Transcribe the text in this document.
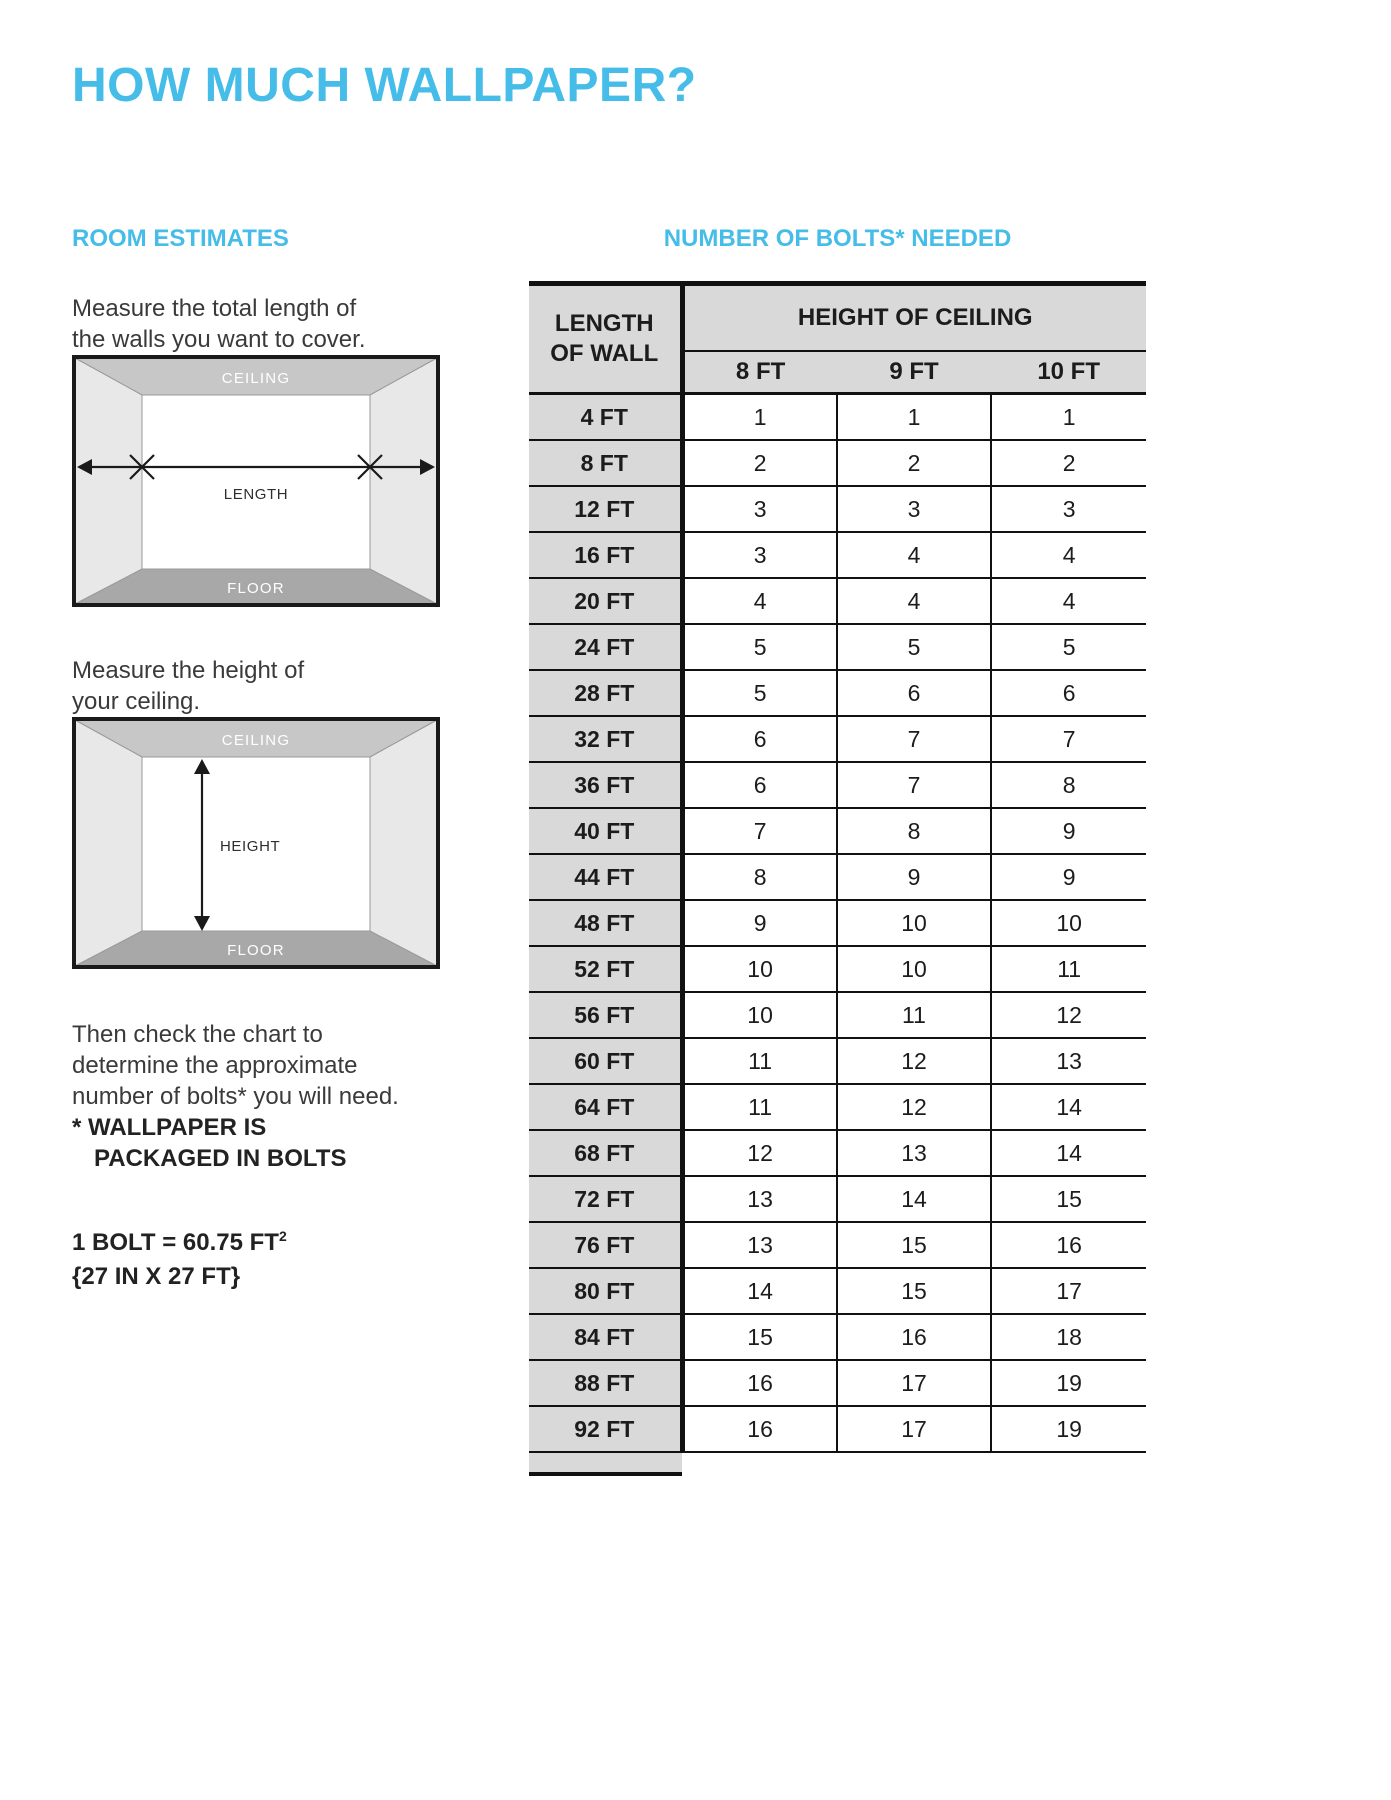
HOW MUCH WALLPAPER?
ROOM ESTIMATES

Measure the total length of
the walls you want to cover.

CEILING
FLOOR
LENGTH

Measure the height of
your ceiling.

CEILING
FLOOR
HEIGHT

Then check the chart to
determine the approximate
number of bolts* you will need.

* WALLPAPER IS
PACKAGED IN BOLTS
1 BOLT = 60.75 $FT^2$
{27 IN X 27 FT}
NUMBER OF BOLTS* NEEDED
LENGTH
OF WALL	HEIGHT OF CEILING		
	8 FT	9 FT	10 FT
4 FT	1	1	1
8 FT	2	2	2
12 FT	3	3	3
16 FT	3	4	4
20 FT	4	4	4
24 FT	5	5	5
28 FT	5	6	6
32 FT	6	7	7
36 FT	6	7	8
40 FT	7	8	9
44 FT	8	9	9
48 FT	9	10	10
52 FT	10	10	11
56 FT	10	11	12
60 FT	11	12	13
64 FT	11	12	14
68 FT	12	13	14
72 FT	13	14	15
76 FT	13	15	16
80 FT	14	15	17
84 FT	15	16	18
88 FT	16	17	19
92 FT	16	17	19
